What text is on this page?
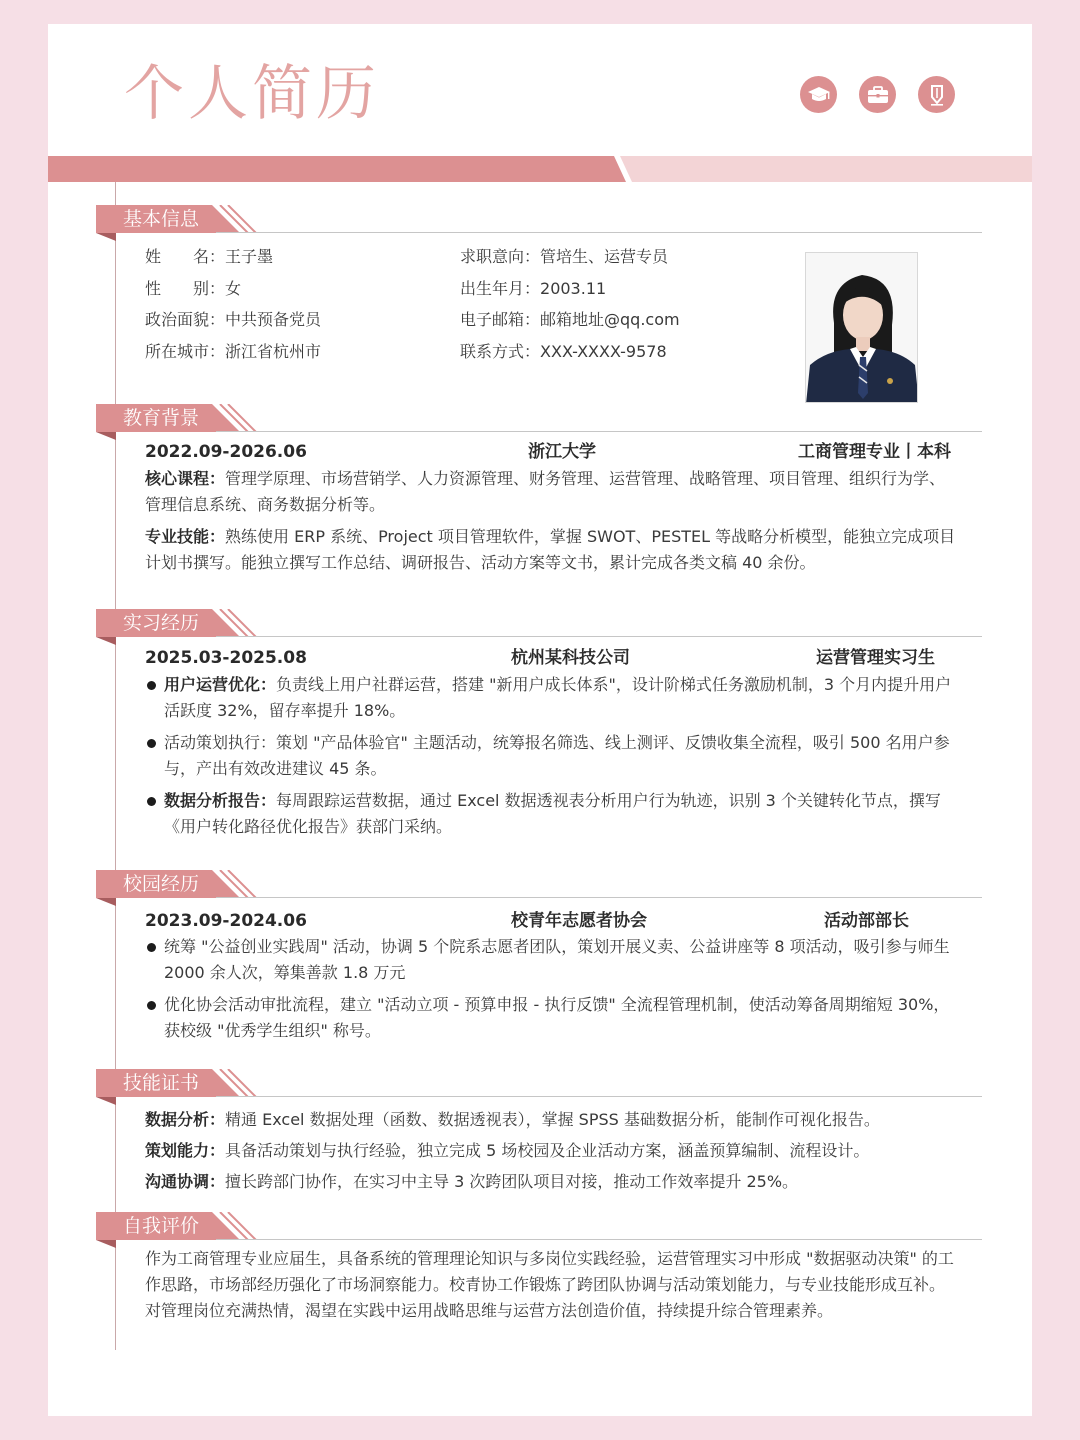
个人简历
基本信息
姓　　名：王子墨
性　　别：女
政治面貌：中共预备党员
所在城市：浙江省杭州市
求职意向：管培生、运营专员
出生年月：2003.11
电子邮箱：邮箱地址@qq.com
联系方式：XXX-XXXX-9578
教育背景
2022.09-2026.06	浙江大学	工商管理专业丨本科
核心课程：管理学原理、市场营销学、人力资源管理、财务管理、运营管理、战略管理、项目管理、组织行为学、管理信息系统、商务数据分析等。
专业技能：熟练使用 ERP 系统、Project 项目管理软件，掌握 SWOT、PESTEL 等战略分析模型，能独立完成项目计划书撰写。能独立撰写工作总结、调研报告、活动方案等文书，累计完成各类文稿 40 余份。
实习经历
2025.03-2025.08	杭州某科技公司	运营管理实习生
用户运营优化：负责线上用户社群运营，搭建 "新用户成长体系"，设计阶梯式任务激励机制，3 个月内提升用户活跃度 32%，留存率提升 18%。
活动策划执行：策划 "产品体验官" 主题活动，统筹报名筛选、线上测评、反馈收集全流程，吸引 500 名用户参与，产出有效改进建议 45 条。
数据分析报告：每周跟踪运营数据，通过 Excel 数据透视表分析用户行为轨迹，识别 3 个关键转化节点，撰写《用户转化路径优化报告》获部门采纳。
校园经历
2023.09-2024.06	校青年志愿者协会	活动部部长
统筹 "公益创业实践周" 活动，协调 5 个院系志愿者团队，策划开展义卖、公益讲座等 8 项活动，吸引参与师生 2000 余人次，筹集善款 1.8 万元
优化协会活动审批流程，建立 "活动立项 - 预算申报 - 执行反馈" 全流程管理机制，使活动筹备周期缩短 30%，获校级 "优秀学生组织" 称号。
技能证书
数据分析：精通 Excel 数据处理（函数、数据透视表），掌握 SPSS 基础数据分析，能制作可视化报告。
策划能力：具备活动策划与执行经验，独立完成 5 场校园及企业活动方案，涵盖预算编制、流程设计。
沟通协调：擅长跨部门协作，在实习中主导 3 次跨团队项目对接，推动工作效率提升 25%。
自我评价
作为工商管理专业应届生，具备系统的管理理论知识与多岗位实践经验，运营管理实习中形成 "数据驱动决策" 的工作思路，市场部经历强化了市场洞察能力。校青协工作锻炼了跨团队协调与活动策划能力，与专业技能形成互补。对管理岗位充满热情，渴望在实践中运用战略思维与运营方法创造价值，持续提升综合管理素养。
